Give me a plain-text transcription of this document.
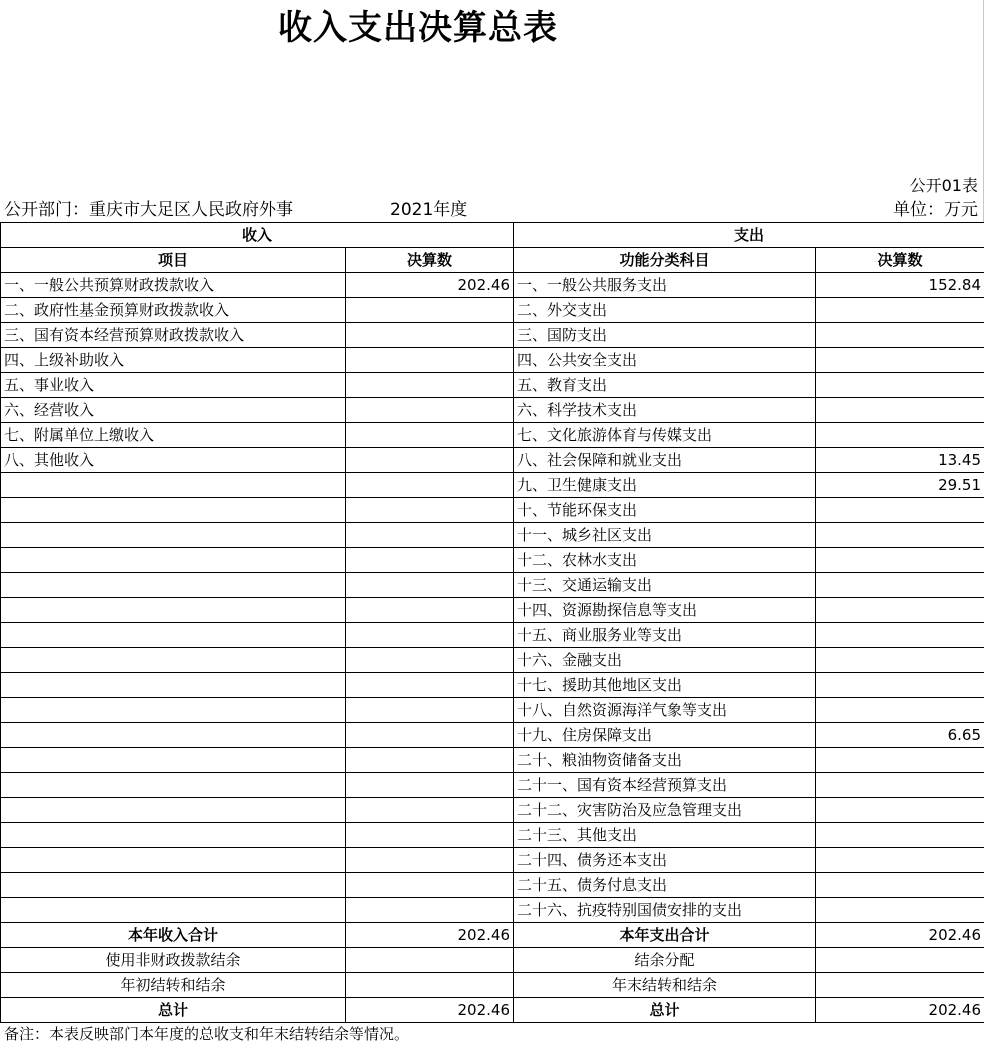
收入支出决算总表
公开01表
公开部门：重庆市大足区人民政府外事	2021年度	单位：万元
收入		支出	
项目	决算数	功能分类科目	决算数
一、一般公共预算财政拨款收入	202.46	一、一般公共服务支出	152.84
二、政府性基金预算财政拨款收入		二、外交支出	
三、国有资本经营预算财政拨款收入		三、国防支出	
四、上级补助收入		四、公共安全支出	
五、事业收入		五、教育支出	
六、经营收入		六、科学技术支出	
七、附属单位上缴收入		七、文化旅游体育与传媒支出	
八、其他收入		八、社会保障和就业支出	13.45
		九、卫生健康支出	29.51
		十、节能环保支出	
		十一、城乡社区支出	
		十二、农林水支出	
		十三、交通运输支出	
		十四、资源勘探信息等支出	
		十五、商业服务业等支出	
		十六、金融支出	
		十七、援助其他地区支出	
		十八、自然资源海洋气象等支出	
		十九、住房保障支出	6.65
		二十、粮油物资储备支出	
		二十一、国有资本经营预算支出	
		二十二、灾害防治及应急管理支出	
		二十三、其他支出	
		二十四、债务还本支出	
		二十五、债务付息支出	
		二十六、抗疫特别国债安排的支出	
本年收入合计	202.46	本年支出合计	202.46
使用非财政拨款结余		结余分配	
年初结转和结余		年末结转和结余	
总计	202.46	总计	202.46
备注：本表反映部门本年度的总收支和年末结转结余等情况。
